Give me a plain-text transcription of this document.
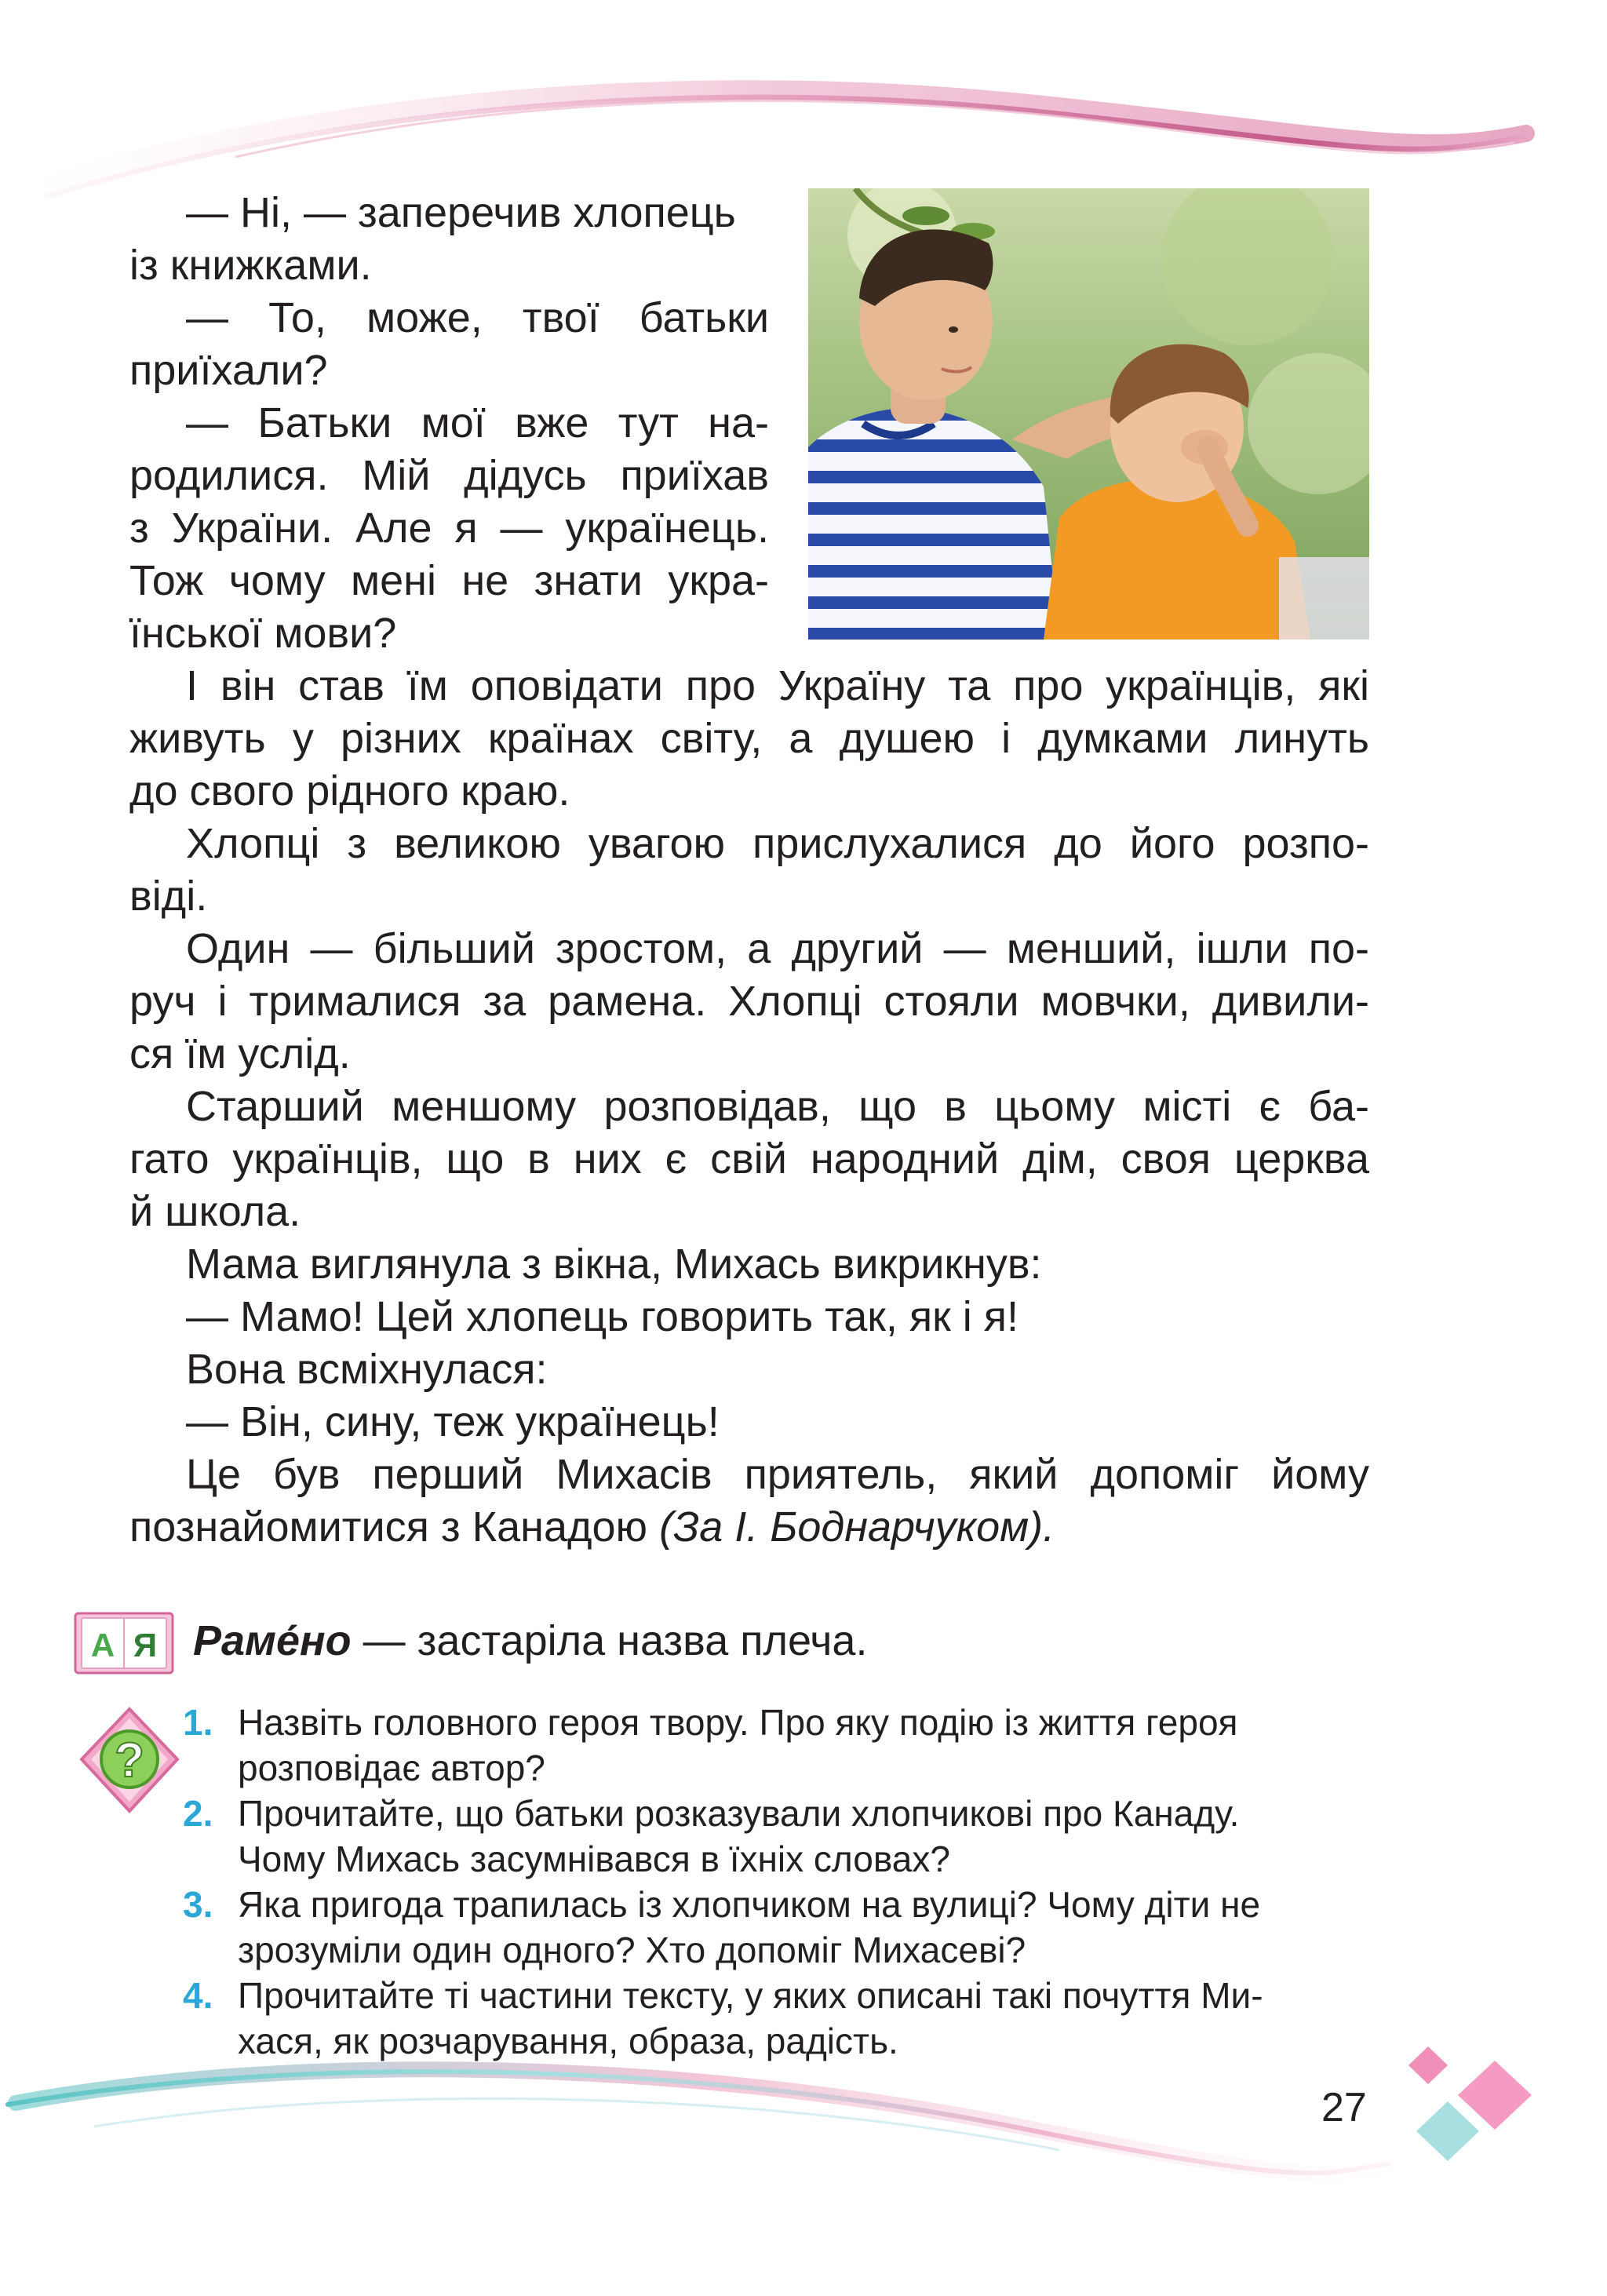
— Ні, — заперечив хлопець

із книжками.

— То, може, твої батьки

приїхали?

— Батьки мої вже тут на-

родилися. Мій дідусь приїхав

з України. Але я — українець.

Тож чому мені не знати укра-

їнської мови?

І він став їм оповідати про Україну та про українців, які

живуть у різних країнах світу, а душею і думками линуть

до свого рідного краю.

Хлопці з великою увагою прислухалися до його розпо-

віді.

Один — більший зростом, а другий — менший, ішли по-

руч і трималися за рамена. Хлопці стояли мовчки, дивили-

ся їм услід.

Старший меншому розповідав, що в цьому місті є ба-

гато українців, що в них є свій народний дім, своя церква

й школа.

Мама виглянула з вікна, Михась викрикнув:

— Мамо! Цей хлопець говорить так, як і я!

Вона всміхнулася:

— Він, сину, теж українець!

Це був перший Михасів приятель, який допоміг йому

познайомитися з Канадою (За І. Боднарчуком).

А Я Раме́но — застаріла назва плеча.
?
1. Назвіть головного героя твору. Про яку подію із життя героя
розповідає автор?
2. Прочитайте, що батьки розказували хлопчикові про Канаду.
Чому Михась засумнівався в їхніх словах?
3. Яка пригода трапилась із хлопчиком на вулиці? Чому діти не
зрозуміли один одного? Хто допоміг Михасеві?
4. Прочитайте ті частини тексту, у яких описані такі почуття Ми-
хася, як розчарування, образа, радість.
27
